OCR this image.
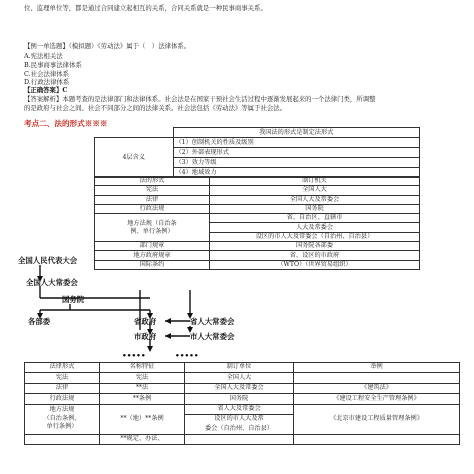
位、监理单位等，都是通过合同建立起相互的关系，合同关系就是一种民事商事关系。
【例一单选题】（模拟题）《劳动法》属于（　）法律体系。
A.宪法相关法
B.民事商事法律体系
C.社会法律体系
D.行政法律体系
【正确答案】C
【答案解析】本题考查的是法律部门和法律体系。社会法是在国家干预社会生活过程中逐渐发展起来的一个法律门类，所调整
的是政府与社会之间、社会不同部分之间的法律关系。社会法包括《劳动法》等属于社会法。
考点二、法的形式※※※
	我国法的形式是制定法形式
4层含义	（1）创制机关的性质及级别
	（2）外部表现形式
	（3）效力等级
	（4）地域效力
法的形式	制订机关
宪法	全国人大
法律	全国人大及常委会
行政法规	国务院

地方法规（自治条
例、单行条例）	省、自治区、直辖市
	人大及常委会
	设区的市人大及常委会（自治州、自治县）
部门规章	国务院各部委
地方政府规章	省、设区的市政府
国际条约	（WTO）（世界贸易组织）
全国人民代表大会
全国人大常委会
国务院
各部委	省政府	省人大常委会
市政府	市人大常委会
•••••	•••••
法律形式	名称特征	制订单位	举例
宪法	宪法	全国人大	
法律	**法	全国人大及常委会	《建筑法》
行政法规	**条例	国务院	《建设工程安全生产管理条例》

地方法规
（自治条例、
单行条例）	**（地）**条例	省人大及常委会	《北京市建设工程质量管理条例》
		设区的市人大及常	
		委会（自治州、自治县）	
	**规定、办法、		
